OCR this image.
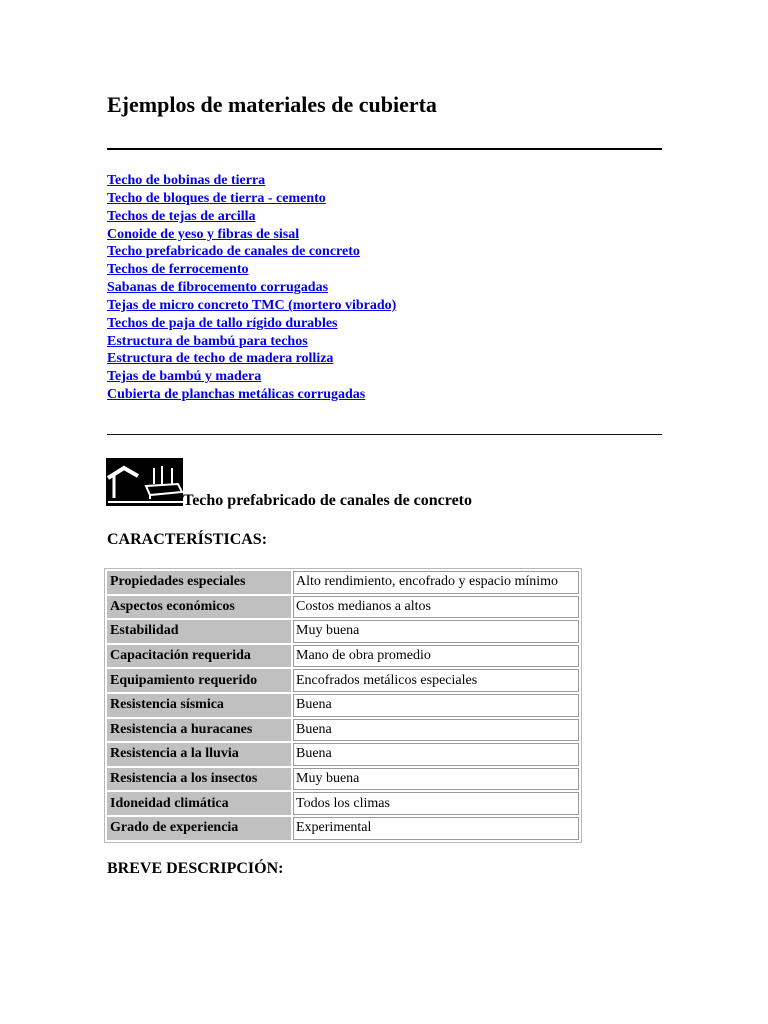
Ejemplos de materiales de cubierta
Techo de bobinas de tierra
Techo de bloques de tierra - cemento
Techos de tejas de arcilla
Conoide de yeso y fibras de sisal
Techo prefabricado de canales de concreto
Techos de ferrocemento
Sabanas de fibrocemento corrugadas
Tejas de micro concreto TMC (mortero vibrado)
Techos de paja de tallo rígido durables
Estructura de bambú para techos
Estructura de techo de madera rolliza
Tejas de bambú y madera
Cubierta de planchas metálicas corrugadas
Techo prefabricado de canales de concreto
CARACTERÍSTICAS:
Propiedades especiales	Alto rendimiento, encofrado y espacio mínimo
Aspectos económicos	Costos medianos a altos
Estabilidad	Muy buena
Capacitación requerida	Mano de obra promedio
Equipamiento requerido	Encofrados metálicos especiales
Resistencia sísmica	Buena
Resistencia a huracanes	Buena
Resistencia a la lluvia	Buena
Resistencia a los insectos	Muy buena
Idoneidad climática	Todos los climas
Grado de experiencia	Experimental
BREVE DESCRIPCIÓN:
